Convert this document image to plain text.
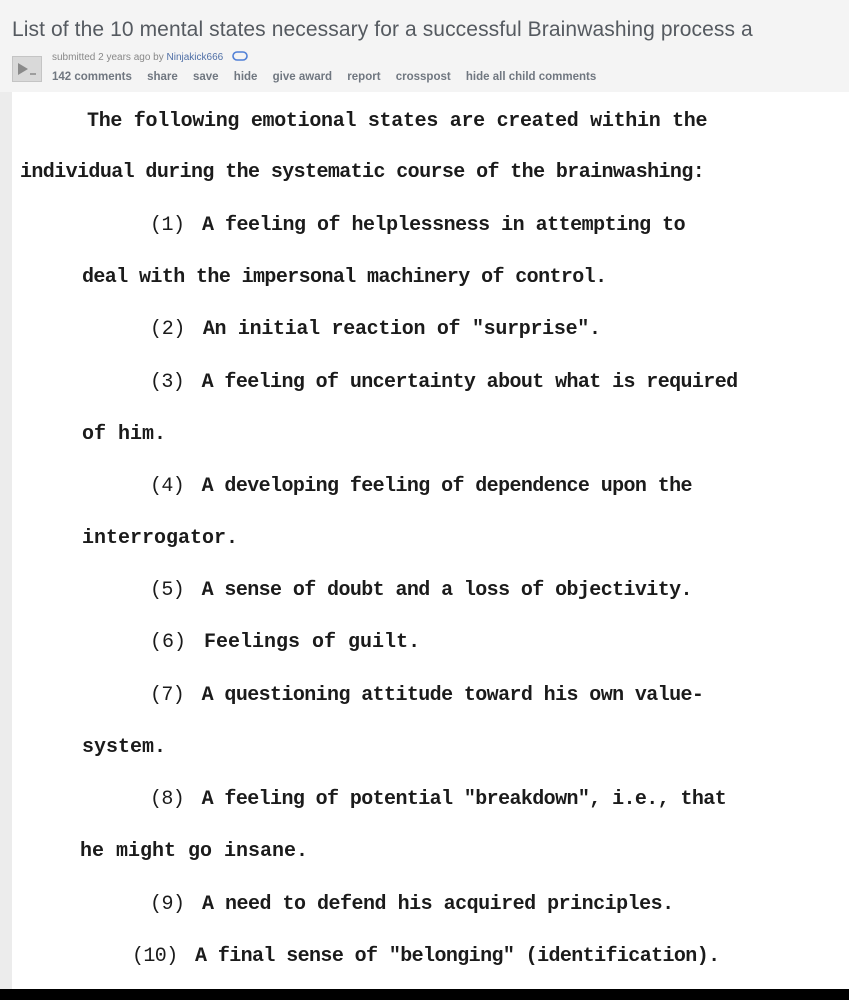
List of the 10 mental states necessary for a successful Brainwashing process a
submitted 2 years ago by Ninjakick666
142 comments share save hide give award report crosspost hide all child comments
The following emotional states are created within the
individual during the systematic course of the brainwashing:
(1) A feeling of helplessness in attempting to
deal with the impersonal machinery of control.
(2) An initial reaction of "surprise".
(3) A feeling of uncertainty about what is required
of him.
(4) A developing feeling of dependence upon the
interrogator.
(5) A sense of doubt and a loss of objectivity.
(6) Feelings of guilt.
(7) A questioning attitude toward his own value-
system.
(8) A feeling of potential "breakdown", i.e., that
he might go insane.
(9) A need to defend his acquired principles.
(10) A final sense of "belonging" (identification).
